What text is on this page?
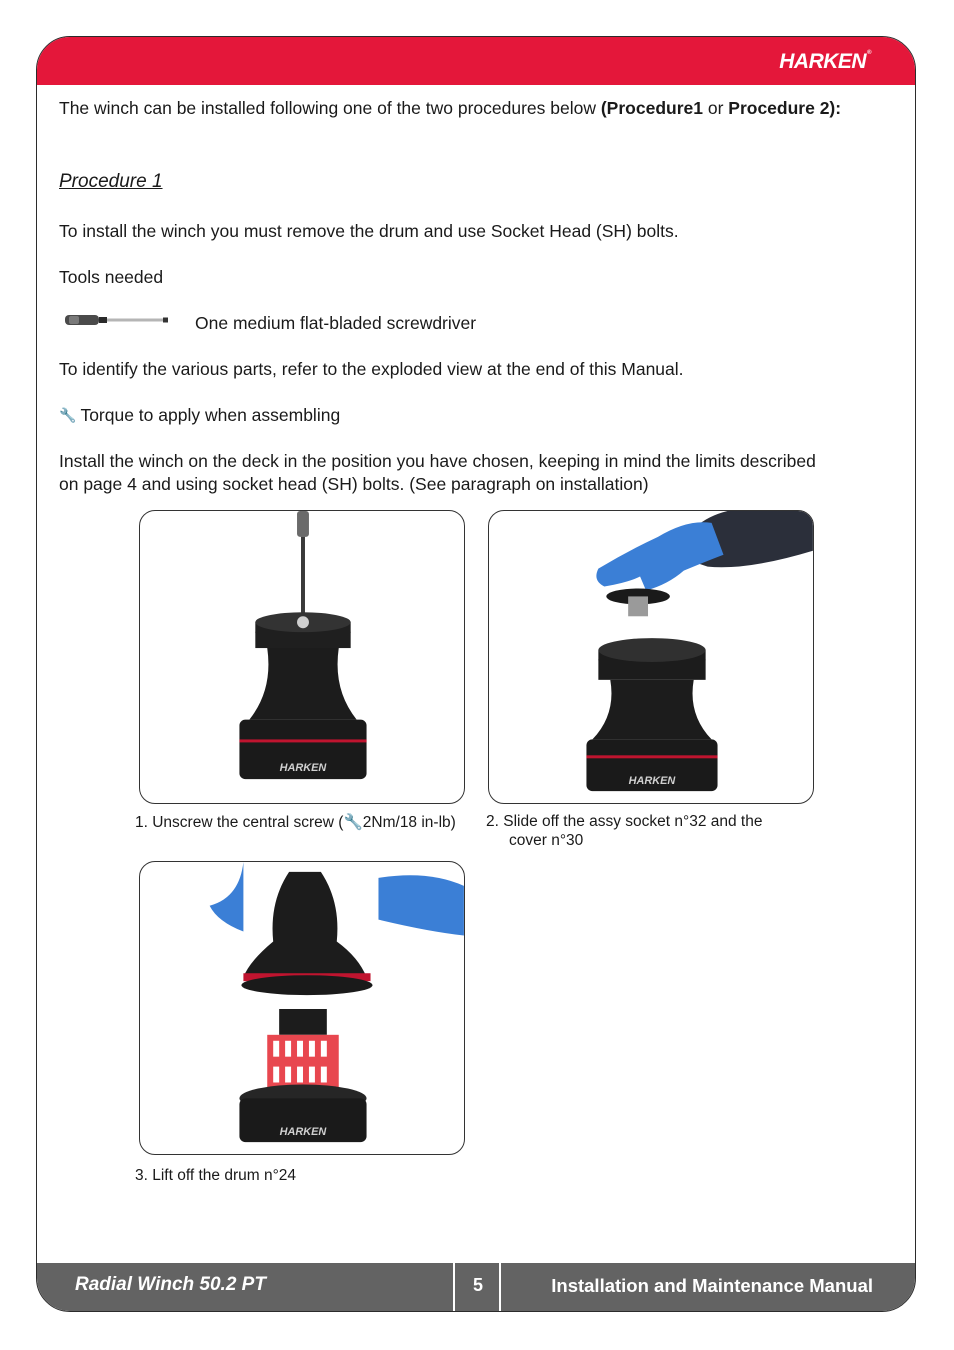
HARKEN®
The winch can be installed following one of the two procedures below (Procedure1 or Procedure 2):
Procedure 1
To install the winch you must remove the drum and use Socket Head (SH) bolts.
Tools needed
One medium flat-bladed screwdriver
To identify the various parts, refer to the exploded view at the end of this Manual.
🔧 Torque to apply when assembling
Install the winch on the deck in the position you have chosen, keeping in mind the limits described
on page 4 and using socket head (SH) bolts. (See paragraph on installation)
HARKEN
HARKEN
1. Unscrew the central screw (🔧2Nm/18 in-lb) 2. Slide off the assy socket n°32 and the
cover n°30
HARKEN
3. Lift off the drum n°24
Radial Winch 50.2 PT	5	Installation and Maintenance Manual
